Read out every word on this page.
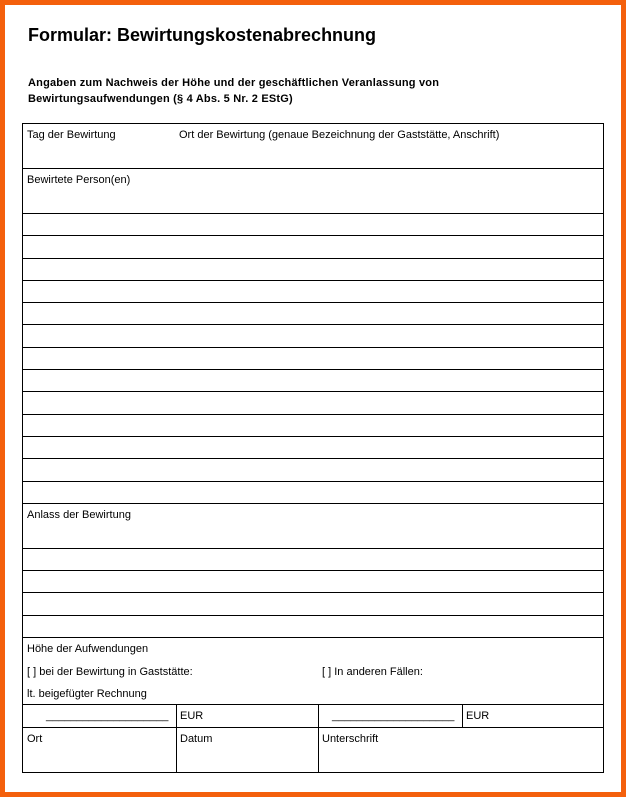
Formular: Bewirtungskostenabrechnung
Angaben zum Nachweis der Höhe und der geschäftlichen Veranlassung von
Bewirtungsaufwendungen (§ 4 Abs. 5 Nr. 2 EStG)
Tag der Bewirtung	Ort der Bewirtung (genaue Bezeichnung der Gaststätte, Anschrift)
Bewirtete Person(en)
Anlass der Bewirtung
Höhe der Aufwendungen
[ ] bei der Bewirtung in Gaststätte:	[ ] In anderen Fällen:
lt. beigefügter Rechnung
____________________ EUR	____________________ EUR
Ort	Datum	Unterschrift
